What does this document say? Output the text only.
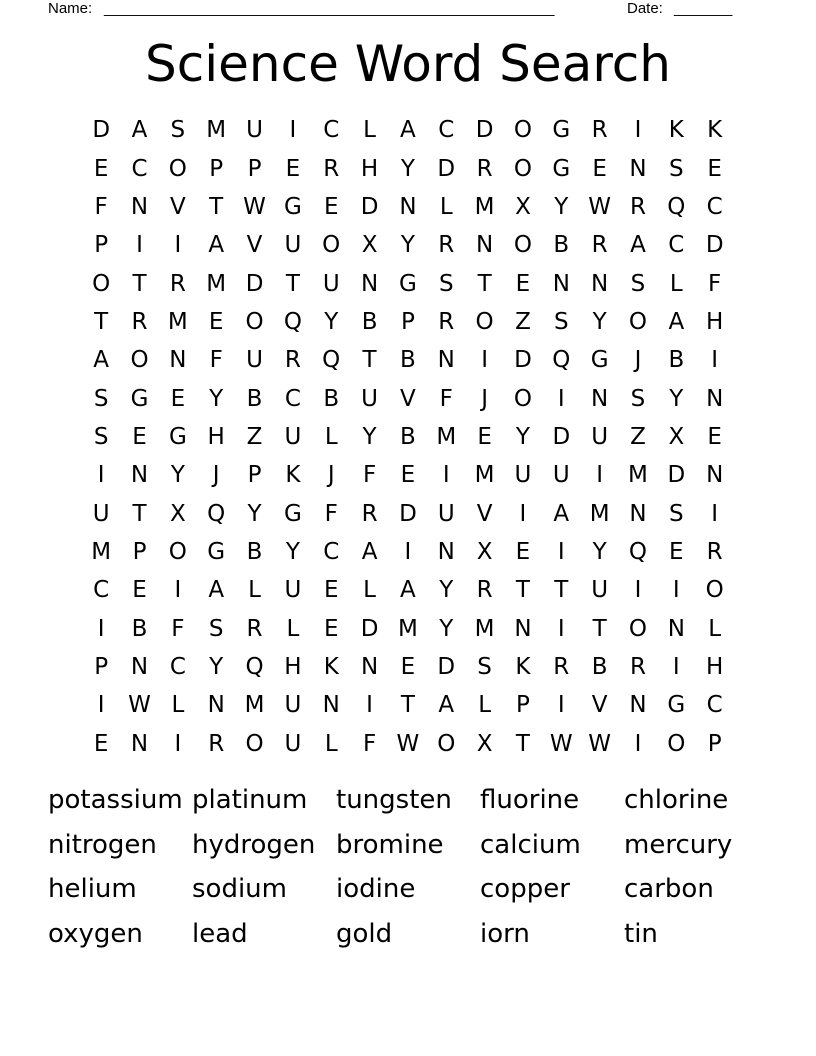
Name: ______________________________________________________	Date: _______
Science Word Search
D A	S M U	I	C	L	A C D O G R	I	K	K
E	C O P	P	E	R H Y D R O G E N S	E
F	N V	T W G E D N	L M X	Y W R Q C
P	I	I	A V U O X	Y	R N O B R A C D
O T	R M D T U N G S	T	E N N S	L	F
T	R M E O Q Y	B	P	R O Z	S	Y O A H
A O N	F	U R Q T	B N	I	D Q G	J	B	I
S G E	Y	B C B U V	F	J	O	I	N S	Y N
S	E G H Z U	L	Y	B M E	Y D U Z X	E
I	N Y	J	P	K	J	F	E	I	M U U	I	M D N
U T	X Q Y G F	R D U V	I	A M N S	I
M P O G B	Y	C A	I	N X	E	I	Y Q E	R
C	E	I	A	L	U E	L	A	Y	R	T	T U	I	I	O
I	B	F	S	R	L	E D M Y M N	I	T O N	L
P N C	Y Q H K N E D S	K R B R	I	H
I	W L	N M U N	I	T	A	L	P	I	V N G C
E N	I	R O U	L	F W O X	T W W	I	O P
potassium platinum	tungsten	fluorine	chlorine
nitrogen	hydrogen bromine	calcium	mercury
helium	sodium	iodine	copper	carbon
oxygen	lead	gold	iorn	tin
